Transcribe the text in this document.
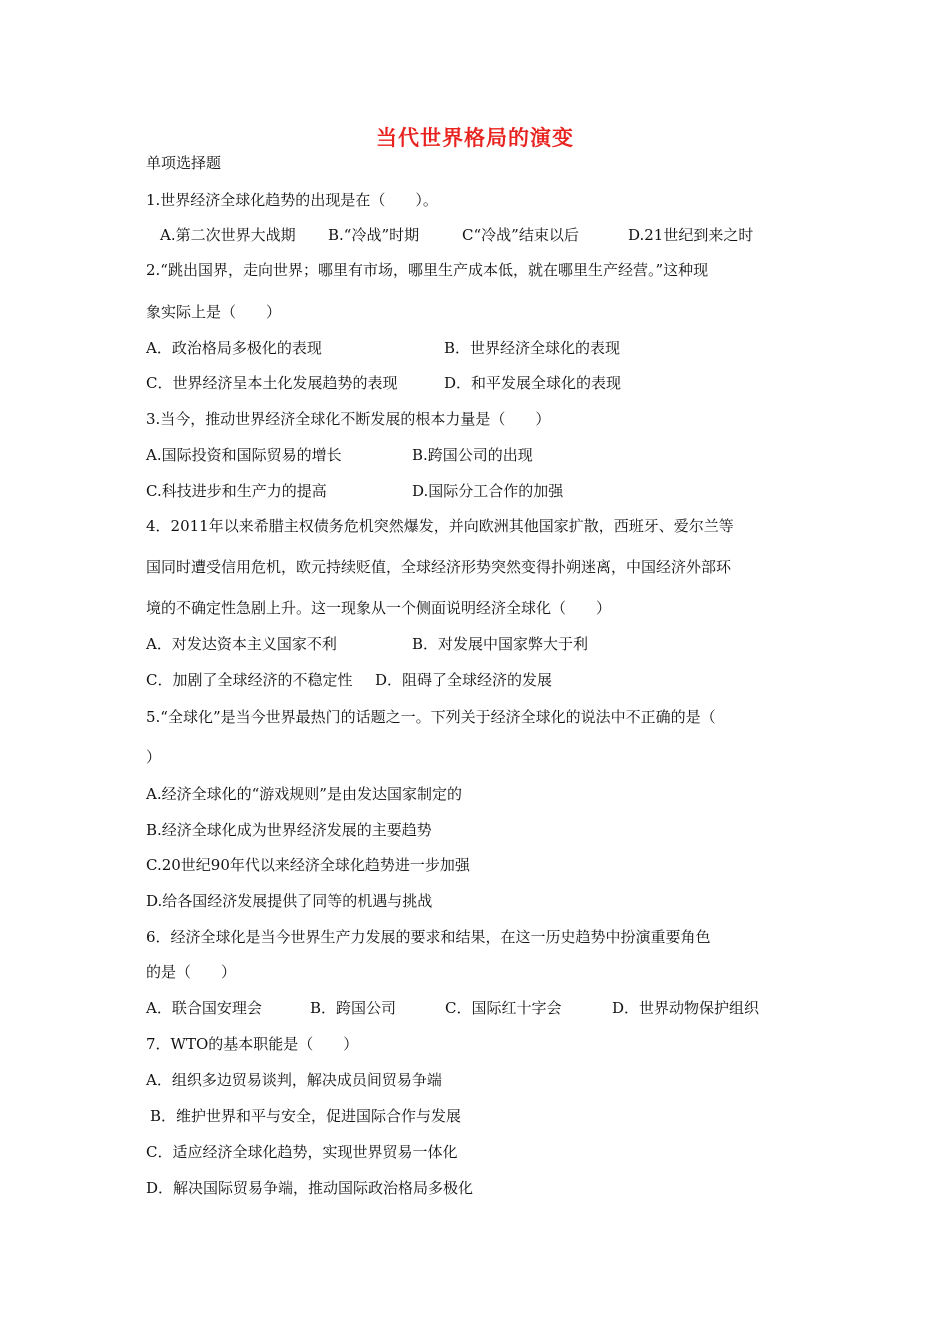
当代世界格局的演变
单项选择题
1.世界经济全球化趋势的出现是在（　　）。
A.第二次世界大战期 B.“冷战”时期	C“冷战”结束以后	D.21世纪到来之时
2.“跳出国界，走向世界；哪里有市场，哪里生产成本低，就在哪里生产经营。”这种现
象实际上是（　　）
A．政治格局多极化的表现	B．世界经济全球化的表现
C．世界经济呈本土化发展趋势的表现	D．和平发展全球化的表现
3.当今，推动世界经济全球化不断发展的根本力量是（　　）
A.国际投资和国际贸易的增长	B.跨国公司的出现
C.科技进步和生产力的提高	D.国际分工合作的加强
4．2011年以来希腊主权债务危机突然爆发，并向欧洲其他国家扩散，西班牙、爱尔兰等
国同时遭受信用危机，欧元持续贬值，全球经济形势突然变得扑朔迷离，中国经济外部环
境的不确定性急剧上升。这一现象从一个侧面说明经济全球化（　　）
A．对发达资本主义国家不利	B．对发展中国家弊大于利
C．加剧了全球经济的不稳定性 D．阻碍了全球经济的发展
5.“全球化”是当今世界最热门的话题之一。下列关于经济全球化的说法中不正确的是（
）
A.经济全球化的“游戏规则”是由发达国家制定的
B.经济全球化成为世界经济发展的主要趋势
C.20世纪90年代以来经济全球化趋势进一步加强
D.给各国经济发展提供了同等的机遇与挑战
6．经济全球化是当今世界生产力发展的要求和结果，在这一历史趋势中扮演重要角色
的是（　　）
A．联合国安理会	B．跨国公司	C．国际红十字会	D．世界动物保护组织
7．WTO的基本职能是（　　）
A．组织多边贸易谈判，解决成员间贸易争端
B．维护世界和平与安全，促进国际合作与发展
C．适应经济全球化趋势，实现世界贸易一体化
D．解决国际贸易争端，推动国际政治格局多极化
